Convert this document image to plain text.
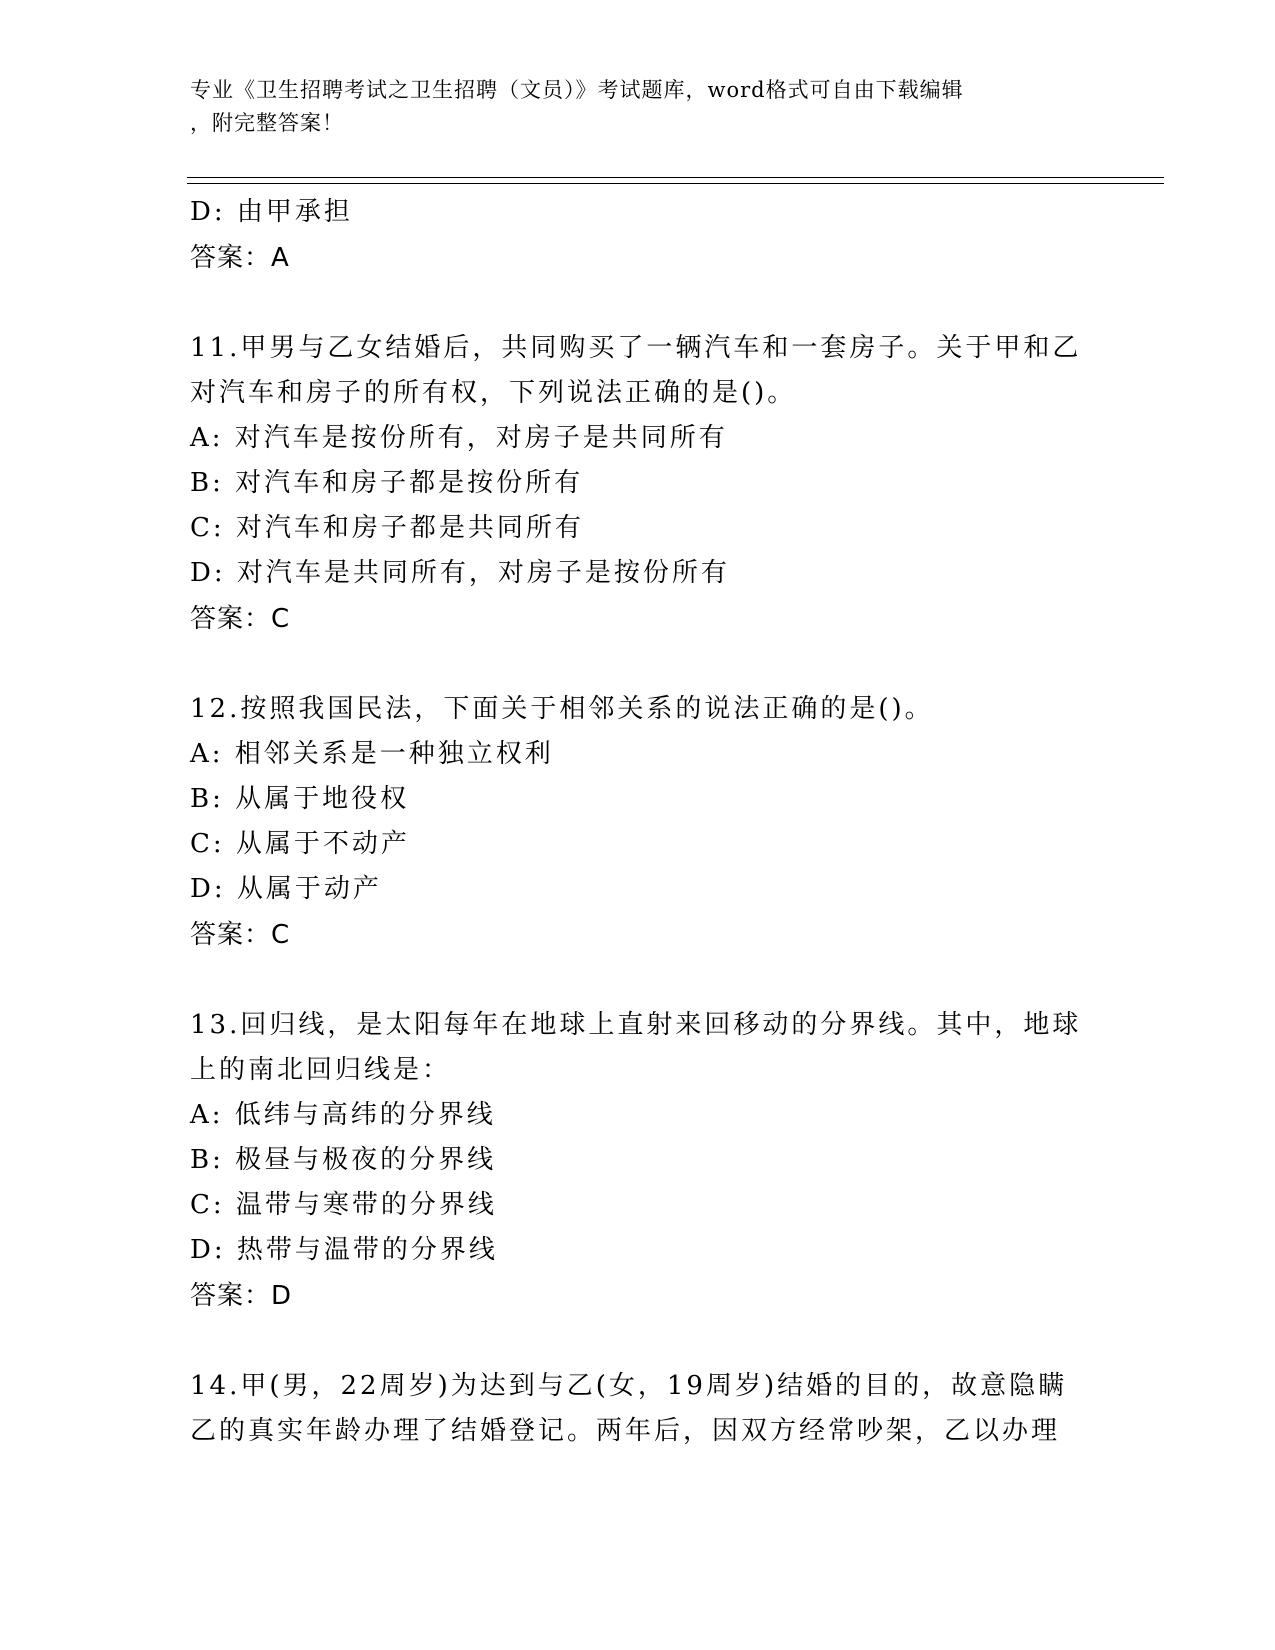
专业《卫生招聘考试之卫生招聘（文员）》考试题库，word格式可自由下载编辑
，附完整答案！
D: 由甲承担
答案：A
11.甲男与乙女结婚后，共同购买了一辆汽车和一套房子。关于甲和乙
对汽车和房子的所有权，下列说法正确的是()。
A: 对汽车是按份所有，对房子是共同所有
B: 对汽车和房子都是按份所有
C: 对汽车和房子都是共同所有
D: 对汽车是共同所有，对房子是按份所有
答案：C
12.按照我国民法，下面关于相邻关系的说法正确的是()。
A: 相邻关系是一种独立权利
B: 从属于地役权
C: 从属于不动产
D: 从属于动产
答案：C
13.回归线，是太阳每年在地球上直射来回移动的分界线。其中，地球
上的南北回归线是：
A: 低纬与高纬的分界线
B: 极昼与极夜的分界线
C: 温带与寒带的分界线
D: 热带与温带的分界线
答案：D
14.甲(男，22周岁)为达到与乙(女，19周岁)结婚的目的，故意隐瞒
乙的真实年龄办理了结婚登记。两年后，因双方经常吵架，乙以办理
